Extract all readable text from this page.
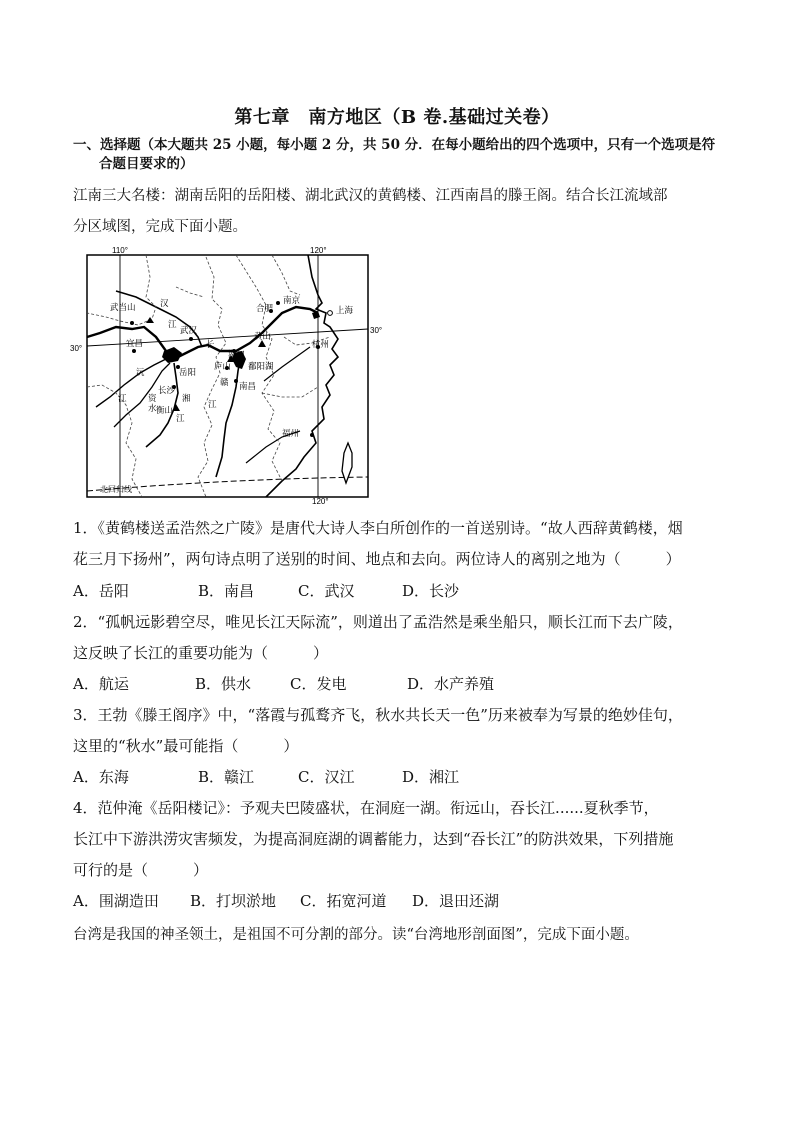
第七章　南方地区（B 卷.基础过关卷）
一、选择题（本大题共 25 小题，每小题 2 分，共 50 分．在每小题给出的四个选项中，只有一个选项是符
合题目要求的）
江南三大名楼：湖南岳阳的岳阳楼、湖北武汉的黄鹤楼、江西南昌的滕王阁。结合长江流域部
分区域图，完成下面小题。
110°	120°
120°
30°
30°
北回归线
武当山	汉
江
合肥
南京
上海
武汉
宜昌	长
黄山
杭州
湖口
岳阳
庐山 鄱阳湖
沅
长沙
赣 南昌
资	湘
江
水 衡山
江
江
福州
1．《黄鹤楼送孟浩然之广陵》是唐代大诗人李白所创作的一首送别诗。“故人西辞黄鹤楼，烟
花三月下扬州”，两句诗点明了送别的时间、地点和去向。两位诗人的离别之地为（　　　）
A．岳阳	B．南昌	C．武汉	D．长沙
2．“孤帆远影碧空尽，唯见长江天际流”，则道出了孟浩然是乘坐船只，顺长江而下去广陵，
这反映了长江的重要功能为（　　　）
A．航运	B．供水	C．发电	D．水产养殖
3．王勃《滕王阁序》中，“落霞与孤鹜齐飞，秋水共长天一色”历来被奉为写景的绝妙佳句，
这里的“秋水”最可能指（　　　）
A．东海	B．赣江	C．汉江	D．湘江
4．范仲淹《岳阳楼记》：予观夫巴陵盛状，在洞庭一湖。衔远山，吞长江......夏秋季节，
长江中下游洪涝灾害频发，为提高洞庭湖的调蓄能力，达到“吞长江”的防洪效果，下列措施
可行的是（　　　）
A．围湖造田 B．打坝淤地 C．拓宽河道 D．退田还湖
台湾是我国的神圣领土，是祖国不可分割的部分。读“台湾地形剖面图”，完成下面小题。
